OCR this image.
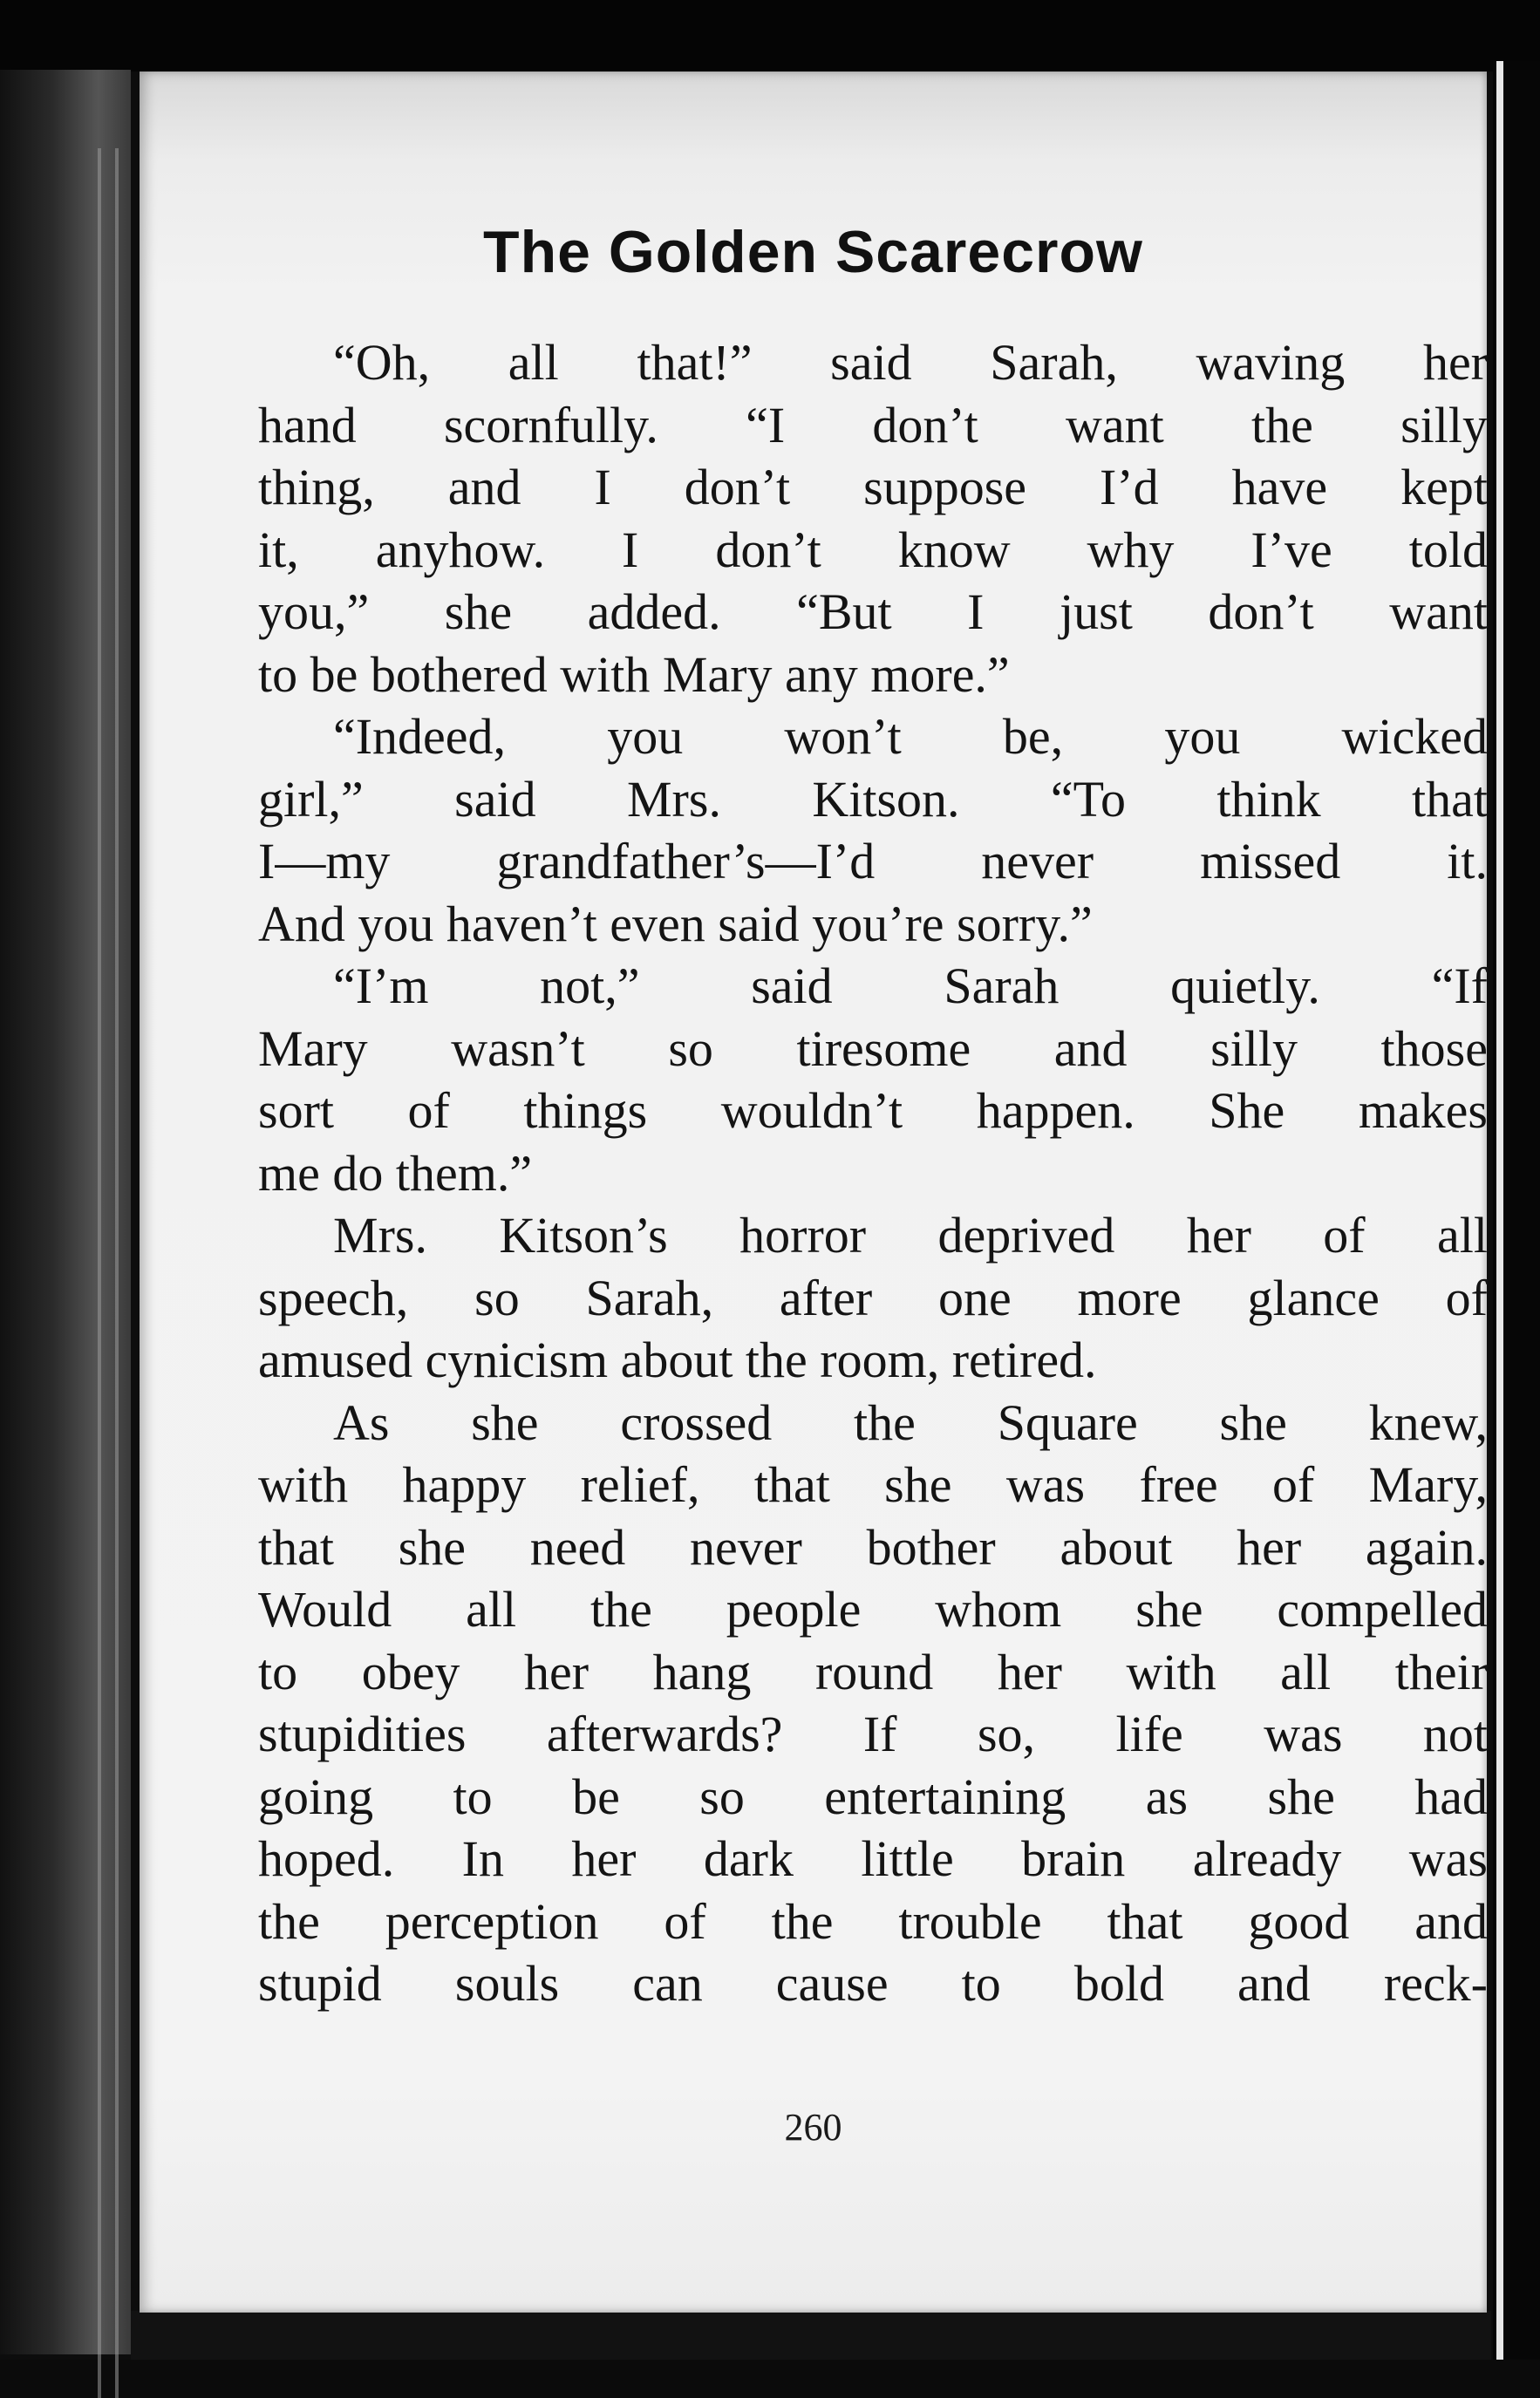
The Golden Scarecrow
“Oh, all that!” said Sarah, waving her
hand scornfully. “I don’t want the silly
thing, and I don’t suppose I’d have kept
it, anyhow. I don’t know why I’ve told
you,” she added. “But I just don’t want
to be bothered with Mary any more.”
“Indeed, you won’t be, you wicked
girl,” said Mrs. Kitson. “To think that
I—my grandfather’s—I’d never missed it.
And you haven’t even said you’re sorry.”
“I’m not,” said Sarah quietly. “If
Mary wasn’t so tiresome and silly those
sort of things wouldn’t happen. She makes
me do them.”
Mrs. Kitson’s horror deprived her of all
speech, so Sarah, after one more glance of
amused cynicism about the room, retired.
As she crossed the Square she knew,
with happy relief, that she was free of Mary,
that she need never bother about her again.
Would all the people whom she compelled
to obey her hang round her with all their
stupidities afterwards? If so, life was not
going to be so entertaining as she had
hoped. In her dark little brain already was
the perception of the trouble that good and
stupid souls can cause to bold and reck-
260
